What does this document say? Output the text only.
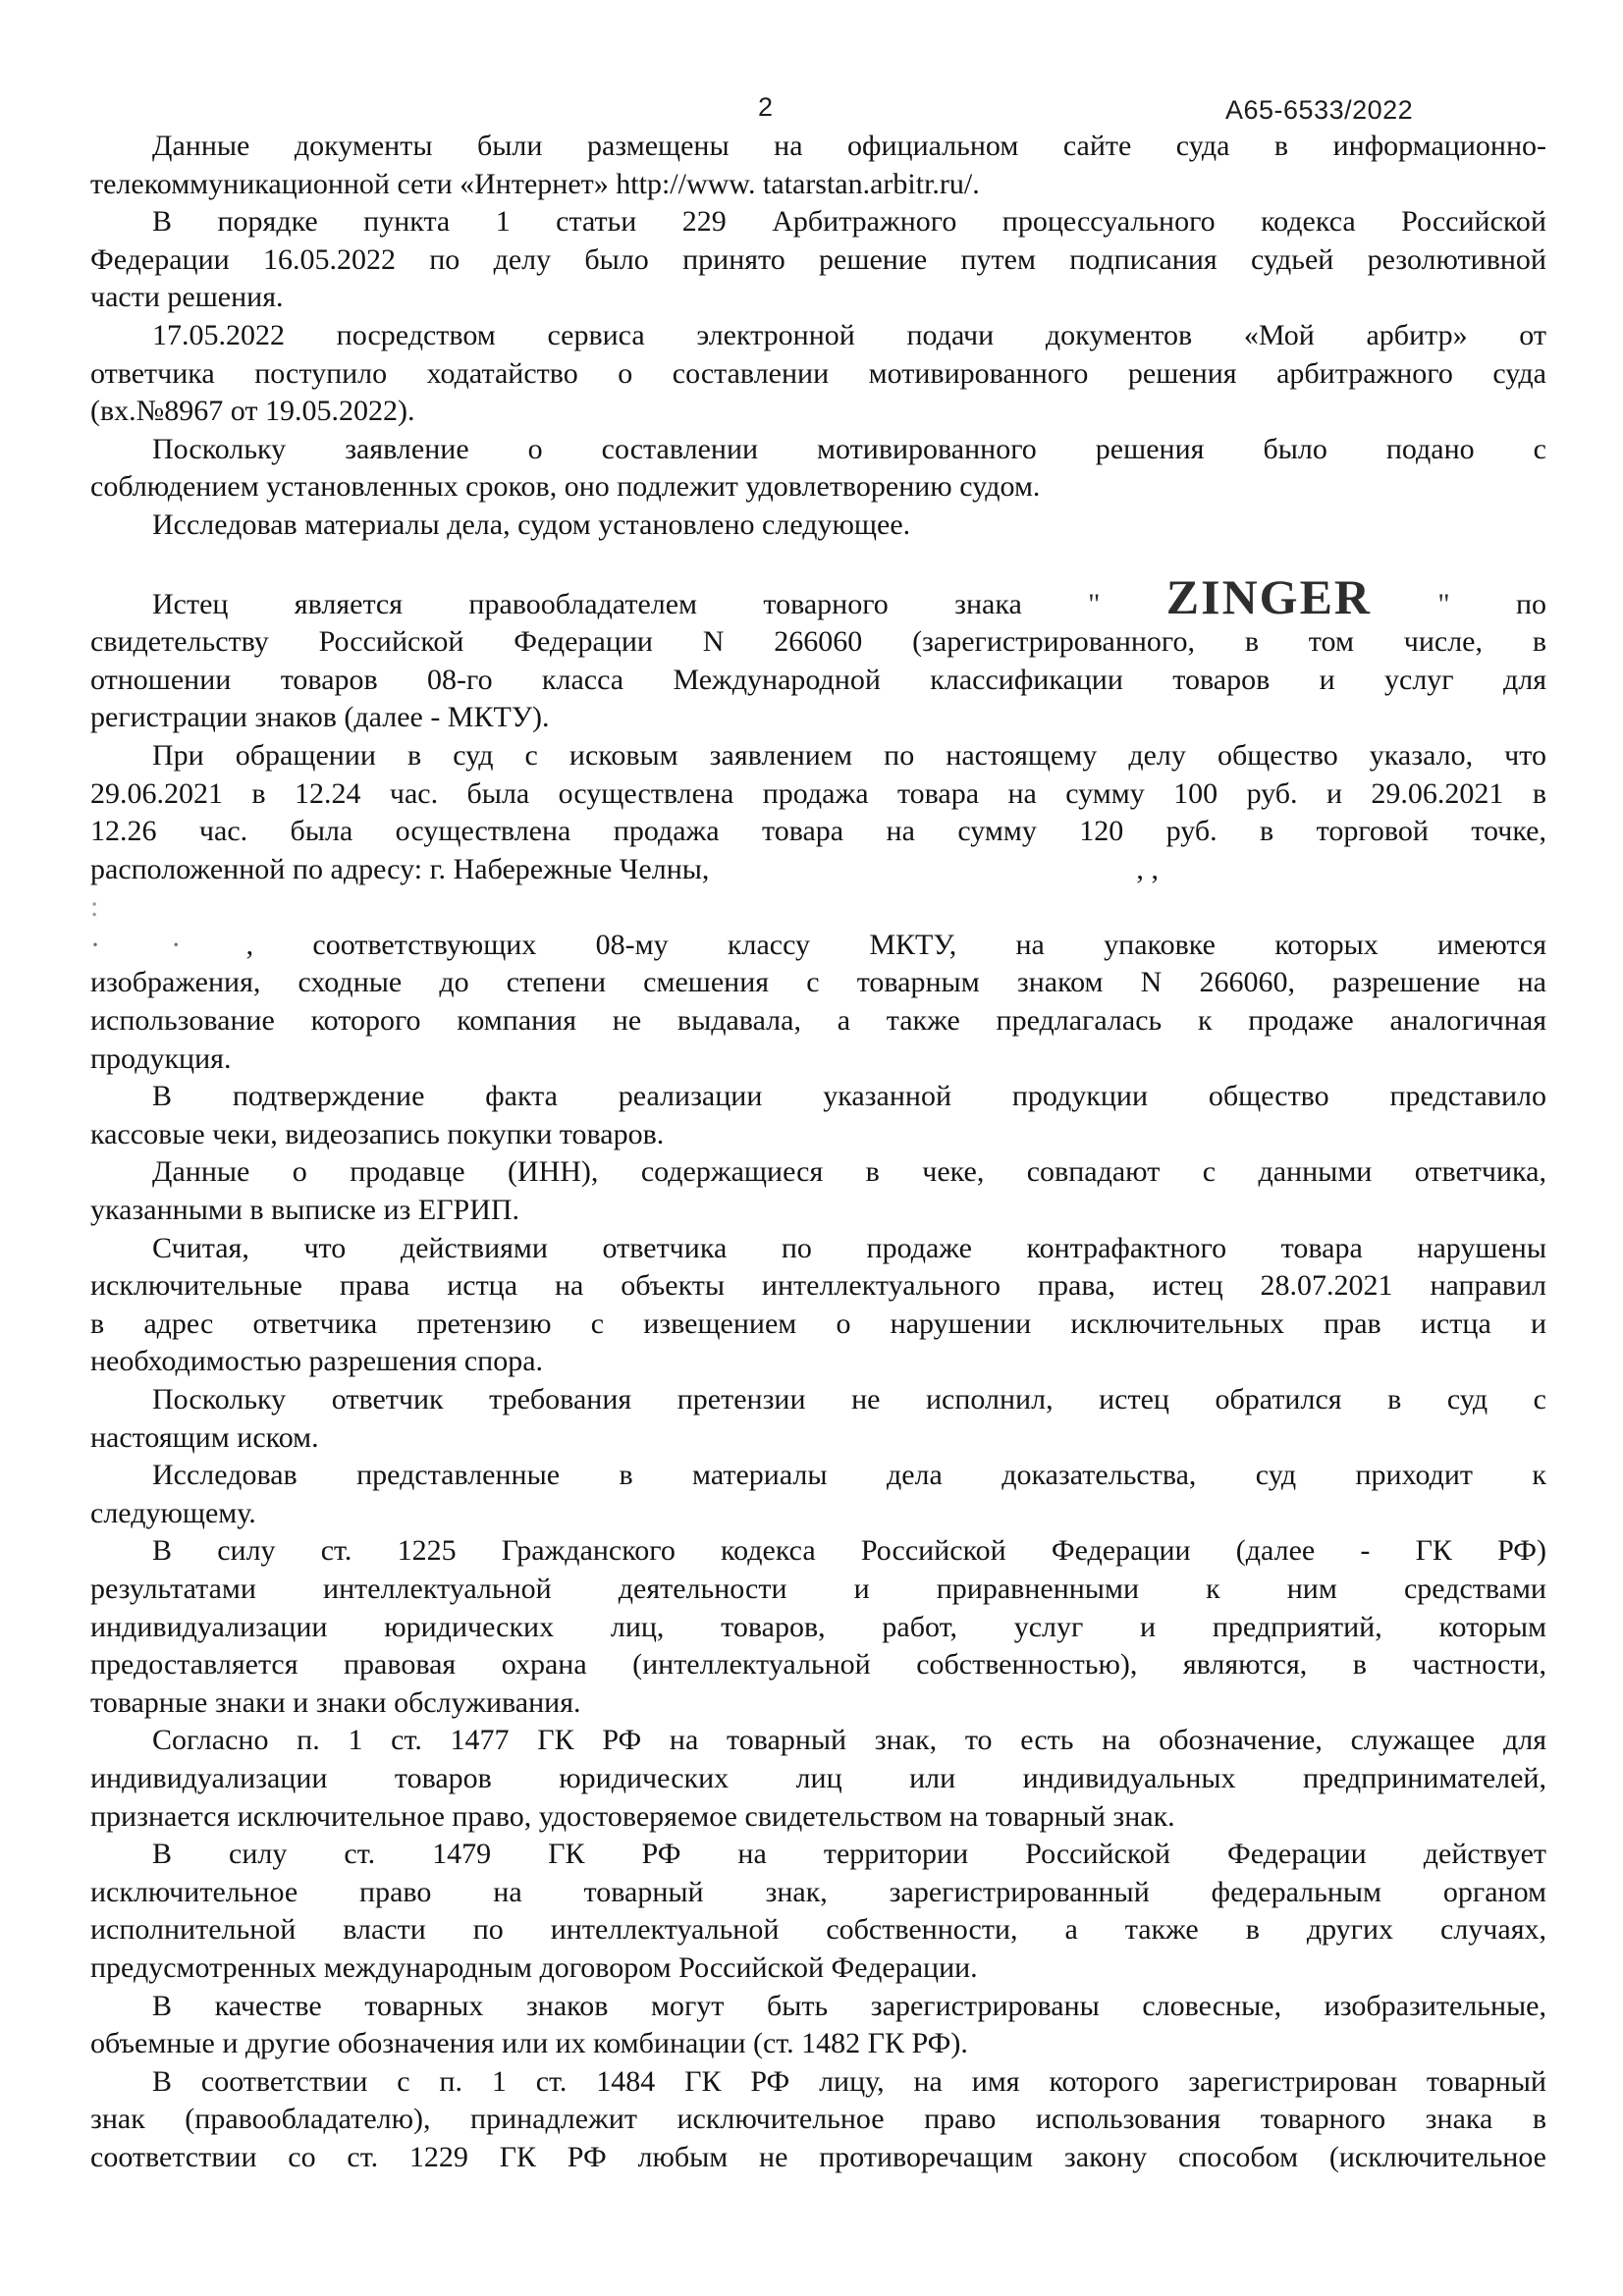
2	А65-6533/2022
Данные документы были размещены на официальном сайте суда в информационно-
телекоммуникационной сети «Интернет» http://www. tatarstan.arbitr.ru/.
В порядке пункта 1 статьи 229 Арбитражного процессуального кодекса Российской
Федерации 16.05.2022 по делу было принято решение путем подписания судьей резолютивной
части решения.
17.05.2022 посредством сервиса электронной подачи документов «Мой арбитр» от
ответчика поступило ходатайство о составлении мотивированного решения арбитражного суда
(вх.№8967 от 19.05.2022).
Поскольку заявление о составлении мотивированного решения было подано с
соблюдением установленных сроков, оно подлежит удовлетворению судом.
Исследовав материалы дела, судом установлено следующее.
Истец является правообладателем товарного знака " ZINGER " по
свидетельству Российской Федерации N 266060 (зарегистрированного, в том числе, в
отношении товаров 08-го класса Международной классификации товаров и услуг для
регистрации знаков (далее - МКТУ).
При обращении в суд с исковым заявлением по настоящему делу общество указало, что
29.06.2021 в 12.24 час. была осуществлена продажа товара на сумму 100 руб. и 29.06.2021 в
12.26 час. была осуществлена продажа товара на сумму 120 руб. в торговой точке,
расположенной по адресу: г. Набережные Челны,	, ,:
· · , соответствующих 08-му классу МКТУ, на упаковке которых имеются
изображения, сходные до степени смешения с товарным знаком N 266060, разрешение на
использование которого компания не выдавала, а также предлагалась к продаже аналогичная
продукция.
В подтверждение факта реализации указанной продукции общество представило
кассовые чеки, видеозапись покупки товаров.
Данные о продавце (ИНН), содержащиеся в чеке, совпадают с данными ответчика,
указанными в выписке из ЕГРИП.
Считая, что действиями ответчика по продаже контрафактного товара нарушены
исключительные права истца на объекты интеллектуального права, истец 28.07.2021 направил
в адрес ответчика претензию с извещением о нарушении исключительных прав истца и
необходимостью разрешения спора.
Поскольку ответчик требования претензии не исполнил, истец обратился в суд с
настоящим иском.
Исследовав представленные в материалы дела доказательства, суд приходит к
следующему.
В силу ст. 1225 Гражданского кодекса Российской Федерации (далее - ГК РФ)
результатами интеллектуальной деятельности и приравненными к ним средствами
индивидуализации юридических лиц, товаров, работ, услуг и предприятий, которым
предоставляется правовая охрана (интеллектуальной собственностью), являются, в частности,
товарные знаки и знаки обслуживания.
Согласно п. 1 ст. 1477 ГК РФ на товарный знак, то есть на обозначение, служащее для
индивидуализации товаров юридических лиц или индивидуальных предпринимателей,
признается исключительное право, удостоверяемое свидетельством на товарный знак.
В силу ст. 1479 ГК РФ на территории Российской Федерации действует
исключительное право на товарный знак, зарегистрированный федеральным органом
исполнительной власти по интеллектуальной собственности, а также в других случаях,
предусмотренных международным договором Российской Федерации.
В качестве товарных знаков могут быть зарегистрированы словесные, изобразительные,
объемные и другие обозначения или их комбинации (ст. 1482 ГК РФ).
В соответствии с п. 1 ст. 1484 ГК РФ лицу, на имя которого зарегистрирован товарный
знак (правообладателю), принадлежит исключительное право использования товарного знака в
соответствии со ст. 1229 ГК РФ любым не противоречащим закону способом (исключительное
